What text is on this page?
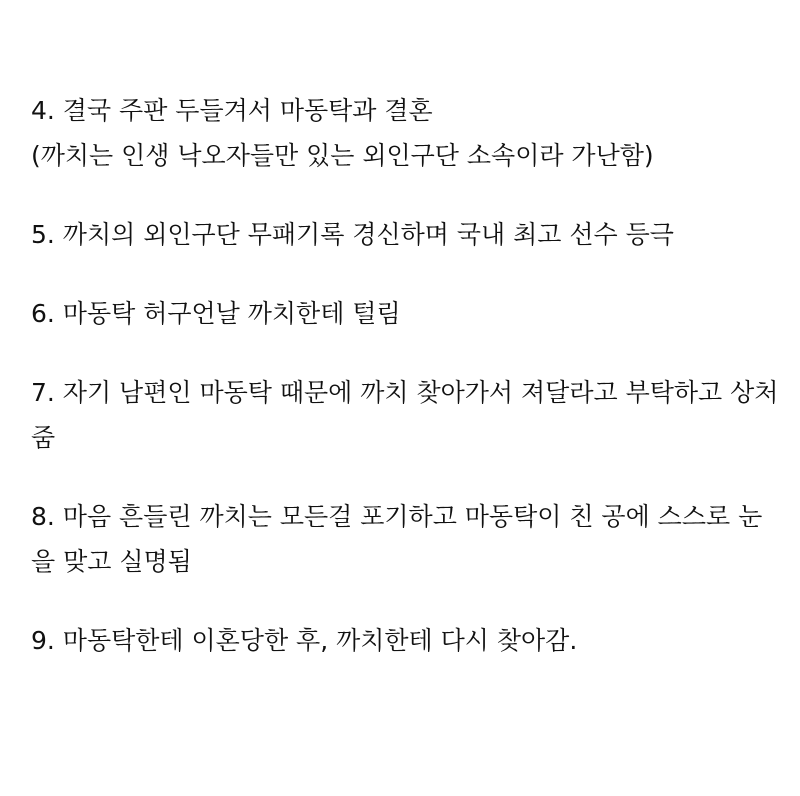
4. 결국 주판 두들겨서 마동탁과 결혼
(까치는 인생 낙오자들만 있는 외인구단 소속이라 가난함)
5. 까치의 외인구단 무패기록 경신하며 국내 최고 선수 등극
6. 마동탁 허구언날 까치한테 털림
7. 자기 남편인 마동탁 때문에 까치 찾아가서 져달라고 부탁하고 상처
줌
8. 마음 흔들린 까치는 모든걸 포기하고 마동탁이 친 공에 스스로 눈
을 맞고 실명됨
9. 마동탁한테 이혼당한 후, 까치한테 다시 찾아감.
